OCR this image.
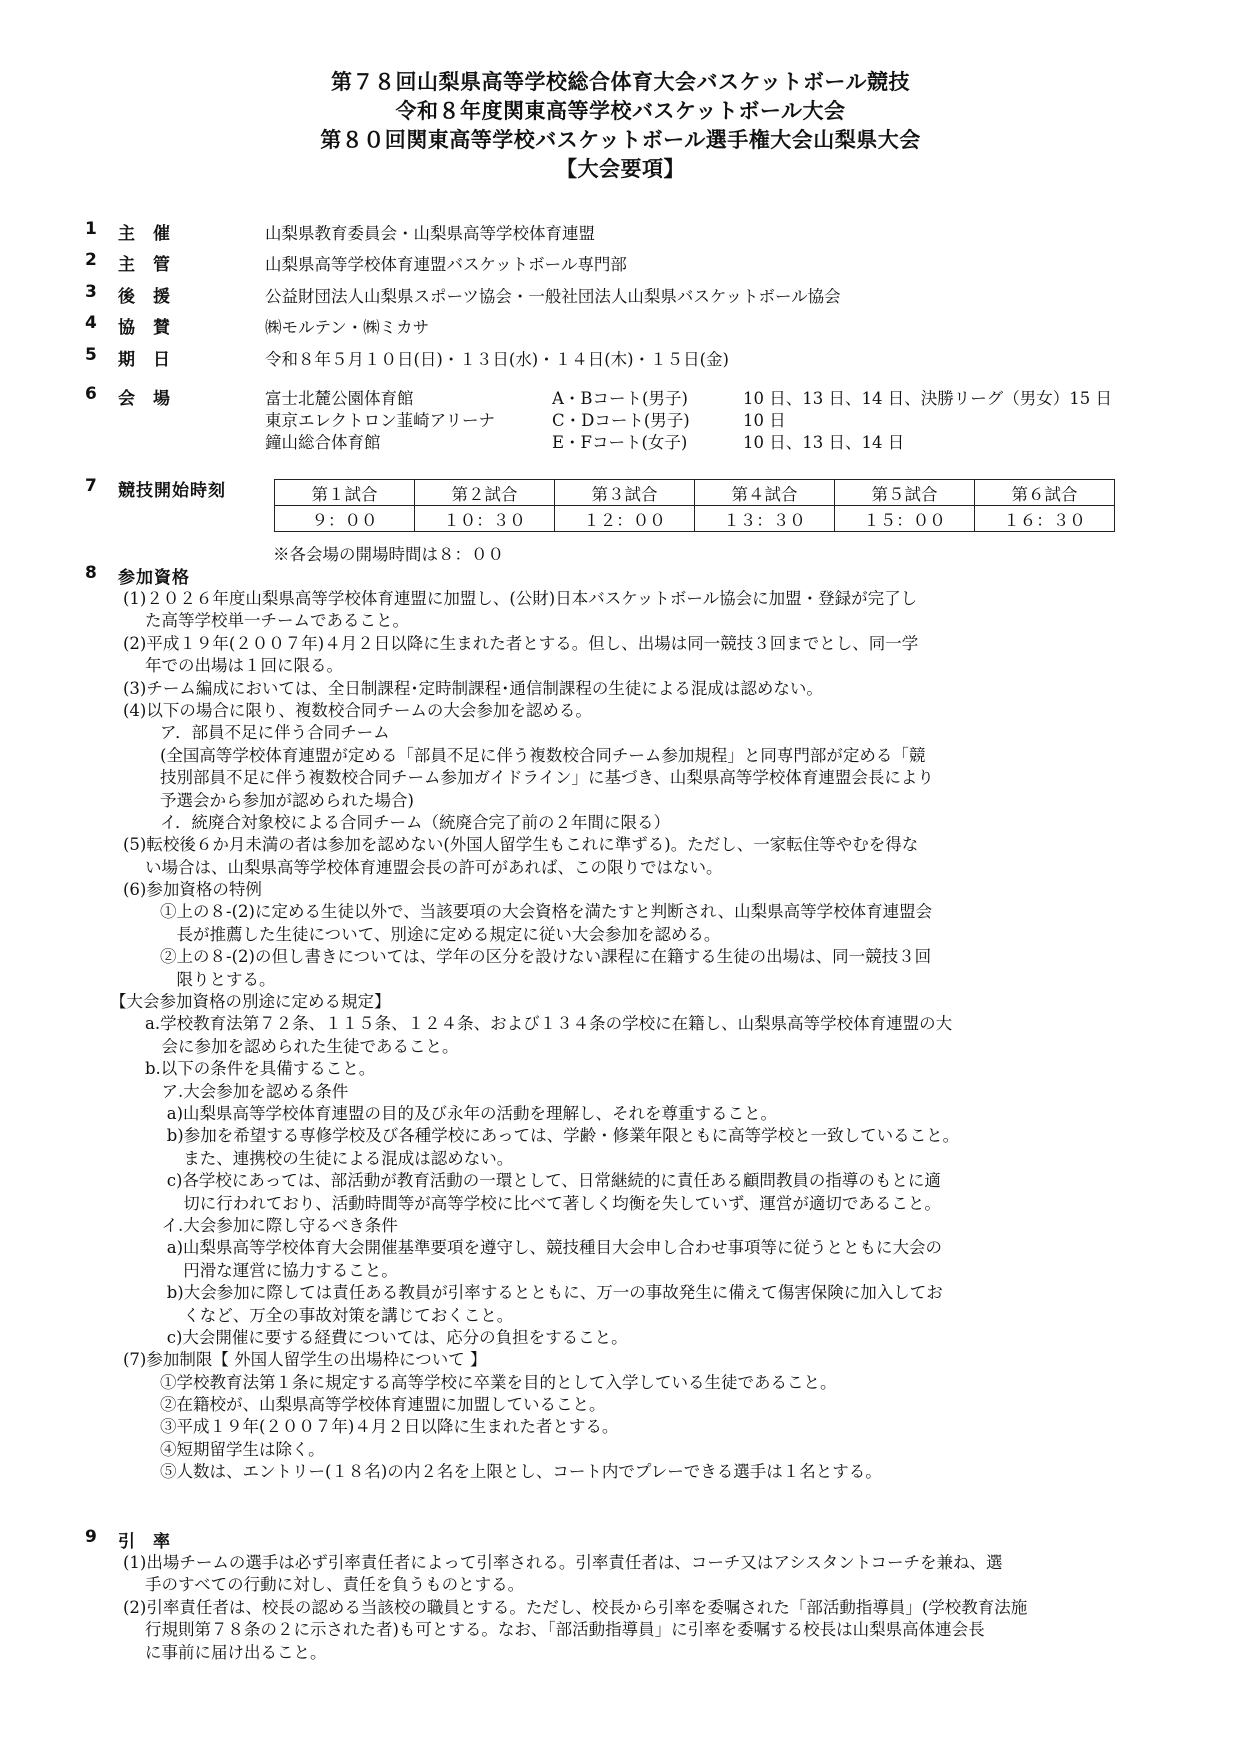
第７８回山梨県高等学校総合体育大会バスケットボール競技
令和８年度関東高等学校バスケットボール大会
第８０回関東高等学校バスケットボール選手権大会山梨県大会
【大会要項】
1 主催	山梨県教育委員会・山梨県高等学校体育連盟
2 主管	山梨県高等学校体育連盟バスケットボール専門部
3 後援	公益財団法人山梨県スポーツ協会・一般社団法人山梨県バスケットボール協会
4 協賛	㈱モルテン・㈱ミカサ
5 期日	令和８年５月１０日(日)・１３日(水)・１４日(木)・１５日(金)
6 会場	富士北麓公園体育館	A・Bコート(男子)	10 日、13 日、14 日、決勝リーグ（男女）15 日
東京エレクトロン韮崎アリーナ	C・Dコート(男子)	10 日
鐘山総合体育館	E・Fコート(女子)	10 日、13 日、14 日
7 競技開始時刻	第１試合	第２試合	第３試合	第４試合	第５試合	第６試合
９：００	１０：３０	１２：００	１３：３０	１５：００	１６：３０
※各会場の開場時間は８：００
8 参加資格
(1)２０２６年度山梨県高等学校体育連盟に加盟し、(公財)日本バスケットボール協会に加盟・登録が完了し
た高等学校単一チームであること。
(2)平成１９年(２００７年)４月２日以降に生まれた者とする。但し、出場は同一競技３回までとし、同一学
年での出場は１回に限る。
(3)チーム編成においては、全日制課程･定時制課程･通信制課程の生徒による混成は認めない。
(4)以下の場合に限り、複数校合同チームの大会参加を認める。
ア．部員不足に伴う合同チーム
(全国高等学校体育連盟が定める「部員不足に伴う複数校合同チーム参加規程」と同専門部が定める「競
技別部員不足に伴う複数校合同チーム参加ガイドライン」に基づき、山梨県高等学校体育連盟会長により
予選会から参加が認められた場合)
イ．統廃合対象校による合同チーム（統廃合完了前の２年間に限る）
(5)転校後６か月未満の者は参加を認めない(外国人留学生もこれに準ずる)。ただし、一家転住等やむを得な
い場合は、山梨県高等学校体育連盟会長の許可があれば、この限りではない。
(6)参加資格の特例
①上の８-(2)に定める生徒以外で、当該要項の大会資格を満たすと判断され、山梨県高等学校体育連盟会
　長が推薦した生徒について、別途に定める規定に従い大会参加を認める。
②上の８-(2)の但し書きについては、学年の区分を設けない課程に在籍する生徒の出場は、同一競技３回
　限りとする。
【大会参加資格の別途に定める規定】
a.学校教育法第７２条、１１５条、１２４条、および１３４条の学校に在籍し、山梨県高等学校体育連盟の大
　会に参加を認められた生徒であること。
b.以下の条件を具備すること。
　ア.大会参加を認める条件
　 a)山梨県高等学校体育連盟の目的及び永年の活動を理解し、それを尊重すること。
　 b)参加を希望する専修学校及び各種学校にあっては、学齢・修業年限ともに高等学校と一致していること。
　 　また、連携校の生徒による混成は認めない。
　 c)各学校にあっては、部活動が教育活動の一環として、日常継続的に責任ある顧問教員の指導のもとに適
　 　切に行われており、活動時間等が高等学校に比べて著しく均衡を失していず、運営が適切であること。
　イ.大会参加に際し守るべき条件
　 a)山梨県高等学校体育大会開催基準要項を遵守し、競技種目大会申し合わせ事項等に従うとともに大会の
　 　円滑な運営に協力すること。
　 b)大会参加に際しては責任ある教員が引率するとともに、万一の事故発生に備えて傷害保険に加入してお
　 　くなど、万全の事故対策を講じておくこと。
　 c)大会開催に要する経費については、応分の負担をすること。
(7)参加制限【 外国人留学生の出場枠について 】
①学校教育法第１条に規定する高等学校に卒業を目的として入学している生徒であること。
②在籍校が、山梨県高等学校体育連盟に加盟していること。
③平成１９年(２００７年)４月２日以降に生まれた者とする。
④短期留学生は除く。
⑤人数は、エントリー(１８名)の内２名を上限とし、コート内でプレーできる選手は１名とする。
9 引率
(1)出場チームの選手は必ず引率責任者によって引率される。引率責任者は、コーチ又はアシスタントコーチを兼ね、選
手のすべての行動に対し、責任を負うものとする。
(2)引率責任者は、校長の認める当該校の職員とする。ただし、校長から引率を委嘱された「部活動指導員」(学校教育法施
行規則第７８条の２に示された者)も可とする。なお、「部活動指導員」に引率を委嘱する校長は山梨県高体連会長
に事前に届け出ること。
